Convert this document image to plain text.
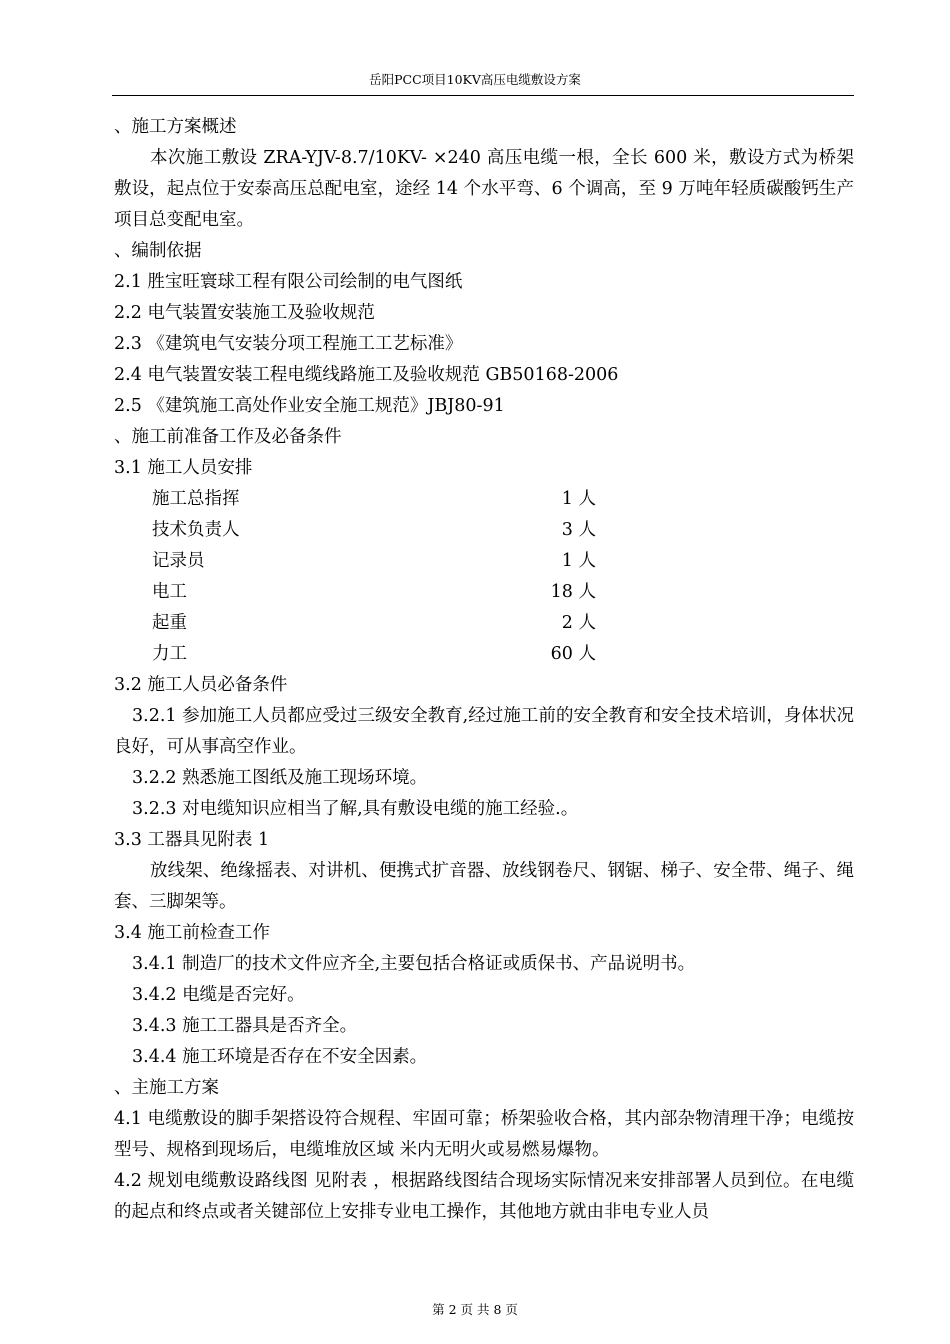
岳阳PCC项目10KV高压电缆敷设方案
、施工方案概述
本次施工敷设 ZRA-YJV-8.7/10KV- ×240 高压电缆一根，全长 600 米，敷设方式为桥架敷设，起点位于安泰高压总配电室，途经 14 个水平弯、6 个调高，至 9 万吨年轻质碳酸钙生产项目总变配电室。
、编制依据
2.1 胜宝旺寰球工程有限公司绘制的电气图纸
2.2 电气装置安装施工及验收规范
2.3 《建筑电气安装分项工程施工工艺标准》
2.4 电气装置安装工程电缆线路施工及验收规范 GB50168-2006
2.5 《建筑施工高处作业安全施工规范》JBJ80-91
、施工前准备工作及必备条件
3.1 施工人员安排
施工总指挥	1 人
技术负责人	3 人
记录员	1 人
电工	18 人
起重	2 人
力工	60 人
3.2 施工人员必备条件
3.2.1 参加施工人员都应受过三级安全教育,经过施工前的安全教育和安全技术培训，身体状况良好，可从事高空作业。
3.2.2 熟悉施工图纸及施工现场环境。
3.2.3 对电缆知识应相当了解,具有敷设电缆的施工经验.。
3.3 工器具见附表 1
放线架、绝缘摇表、对讲机、便携式扩音器、放线钢卷尺、钢锯、梯子、安全带、绳子、绳套、三脚架等。
3.4 施工前检查工作
3.4.1 制造厂的技术文件应齐全,主要包括合格证或质保书、产品说明书。
3.4.2 电缆是否完好。
3.4.3 施工工器具是否齐全。
3.4.4 施工环境是否存在不安全因素。
、主施工方案
4.1 电缆敷设的脚手架搭设符合规程、牢固可靠；桥架验收合格，其内部杂物清理干净；电缆按型号、规格到现场后，电缆堆放区域 米内无明火或易燃易爆物。
4.2 规划电缆敷设路线图 见附表 ，根据路线图结合现场实际情况来安排部署人员到位。在电缆的起点和终点或者关键部位上安排专业电工操作，其他地方就由非电专业人员
第 2 页 共 8 页
